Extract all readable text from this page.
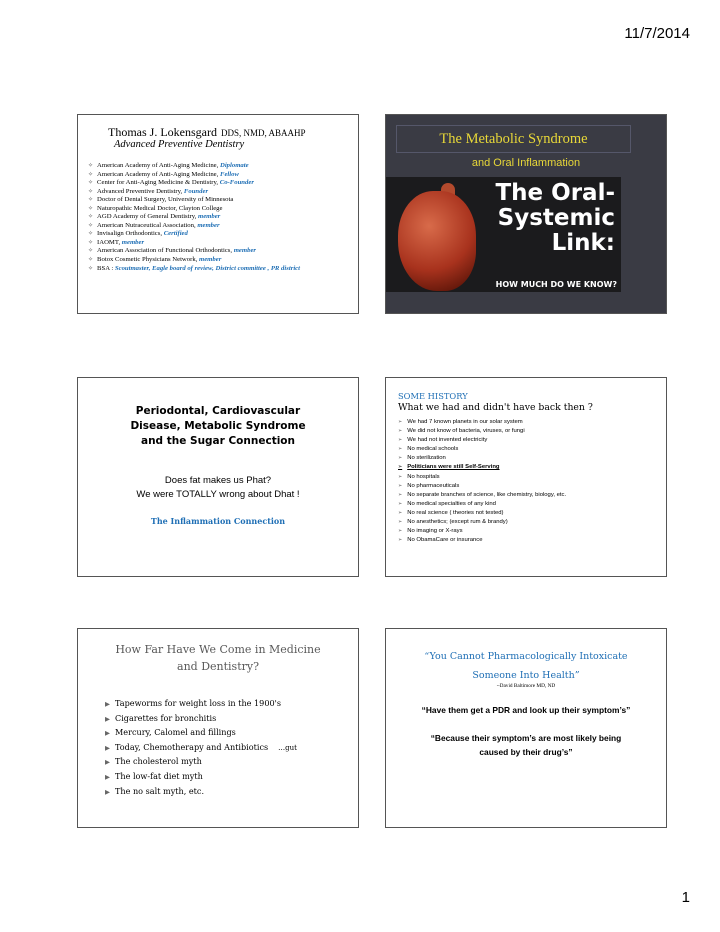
11/7/2014
Thomas J. Lokensgard DDS, NMD, ABAAHP
Advanced Preventive Dentistry
✧ American Academy of Anti-Aging Medicine, Diplomate
✧ American Academy of Anti-Aging Medicine, Fellow
✧ Center for Anti-Aging Medicine & Dentistry, Co-Founder
✧ Advanced Preventive Dentistry, Founder
✧ Doctor of Dental Surgery, University of Minnesota
✧ Naturopathic Medical Doctor, Clayton College
✧ AGD Academy of General Dentistry, member
✧ American Nutraceutical Association, member
✧ Invisalign Orthodontics, Certified
✧ IAOMT, member
✧ American Association of Functional Orthodontics, member
✧ Botox Cosmetic Physicians Network, member
✧ BSA : Scoutmaster, Eagle board of review, District committee , PR district
The Metabolic Syndrome
and Oral Inflammation
The Oral-
Systemic
Link:
HOW MUCH DO WE KNOW?
Periodontal, Cardiovascular
Disease, Metabolic Syndrome
and the Sugar Connection
Does fat makes us Phat?
We were TOTALLY wrong about Dhat !
The Inflammation Connection
SOME HISTORY
What we had and didn't have back then ?
➢ We had 7 known planets in our solar system
➢ We did not know of bacteria, viruses, or fungi
➢ We had not invented electricity
➢ No medical schools
➢ No sterilization
➢ Politicians were still Self-Serving
➢ No hospitals
➢ No pharmaceuticals
➢ No separate branches of science, like chemistry, biology, etc.
➢ No medical specialties of any kind
➢ No real science ( theories not tested)
➢ No anesthetics; (except rum & brandy)
➢ No imaging or X-rays
➢ No ObamaCare or insurance
How Far Have We Come in Medicine
and Dentistry?
▶ Tapeworms for weight loss in the 1900's
▶ Cigarettes for bronchitis
▶ Mercury, Calomel and fillings
▶ Today, Chemotherapy and Antibiotics …gut
▶ The cholesterol myth
▶ The low-fat diet myth
▶ The no salt myth, etc.
“You Cannot Pharmacologically Intoxicate
Someone Into Health”
~David Baltimore MD, ND
“Have them get a PDR and look up their symptom’s”
“Because their symptom’s are most likely being
caused by their drug’s”
1
